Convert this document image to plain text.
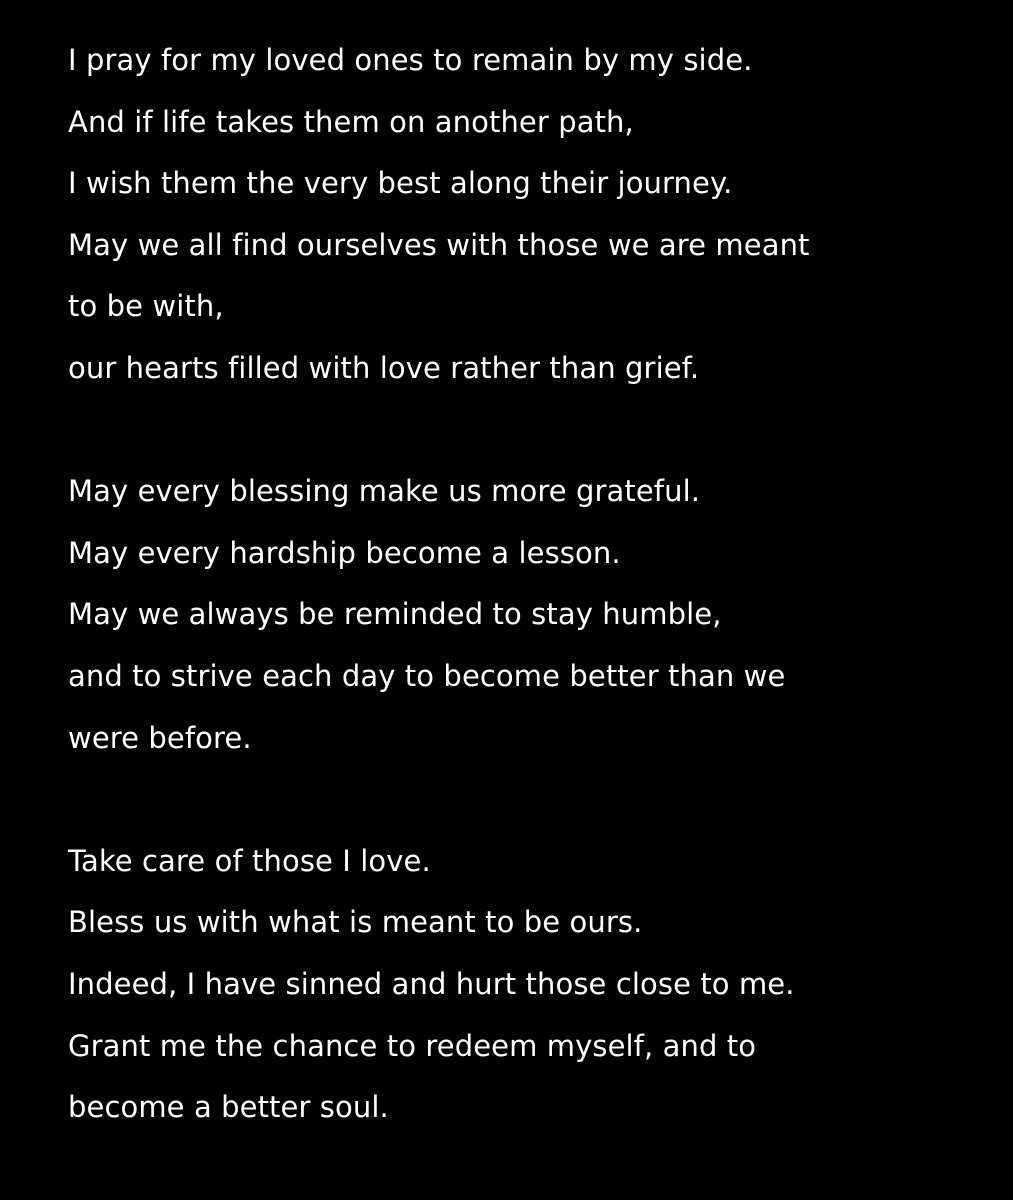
I pray for my loved ones to remain by my side.
And if life takes them on another path,
I wish them the very best along their journey.
May we all find ourselves with those we are meant
to be with,
our hearts filled with love rather than grief.
May every blessing make us more grateful.
May every hardship become a lesson.
May we always be reminded to stay humble,
and to strive each day to become better than we
were before.
Take care of those I love.
Bless us with what is meant to be ours.
Indeed, I have sinned and hurt those close to me.
Grant me the chance to redeem myself, and to
become a better soul.
